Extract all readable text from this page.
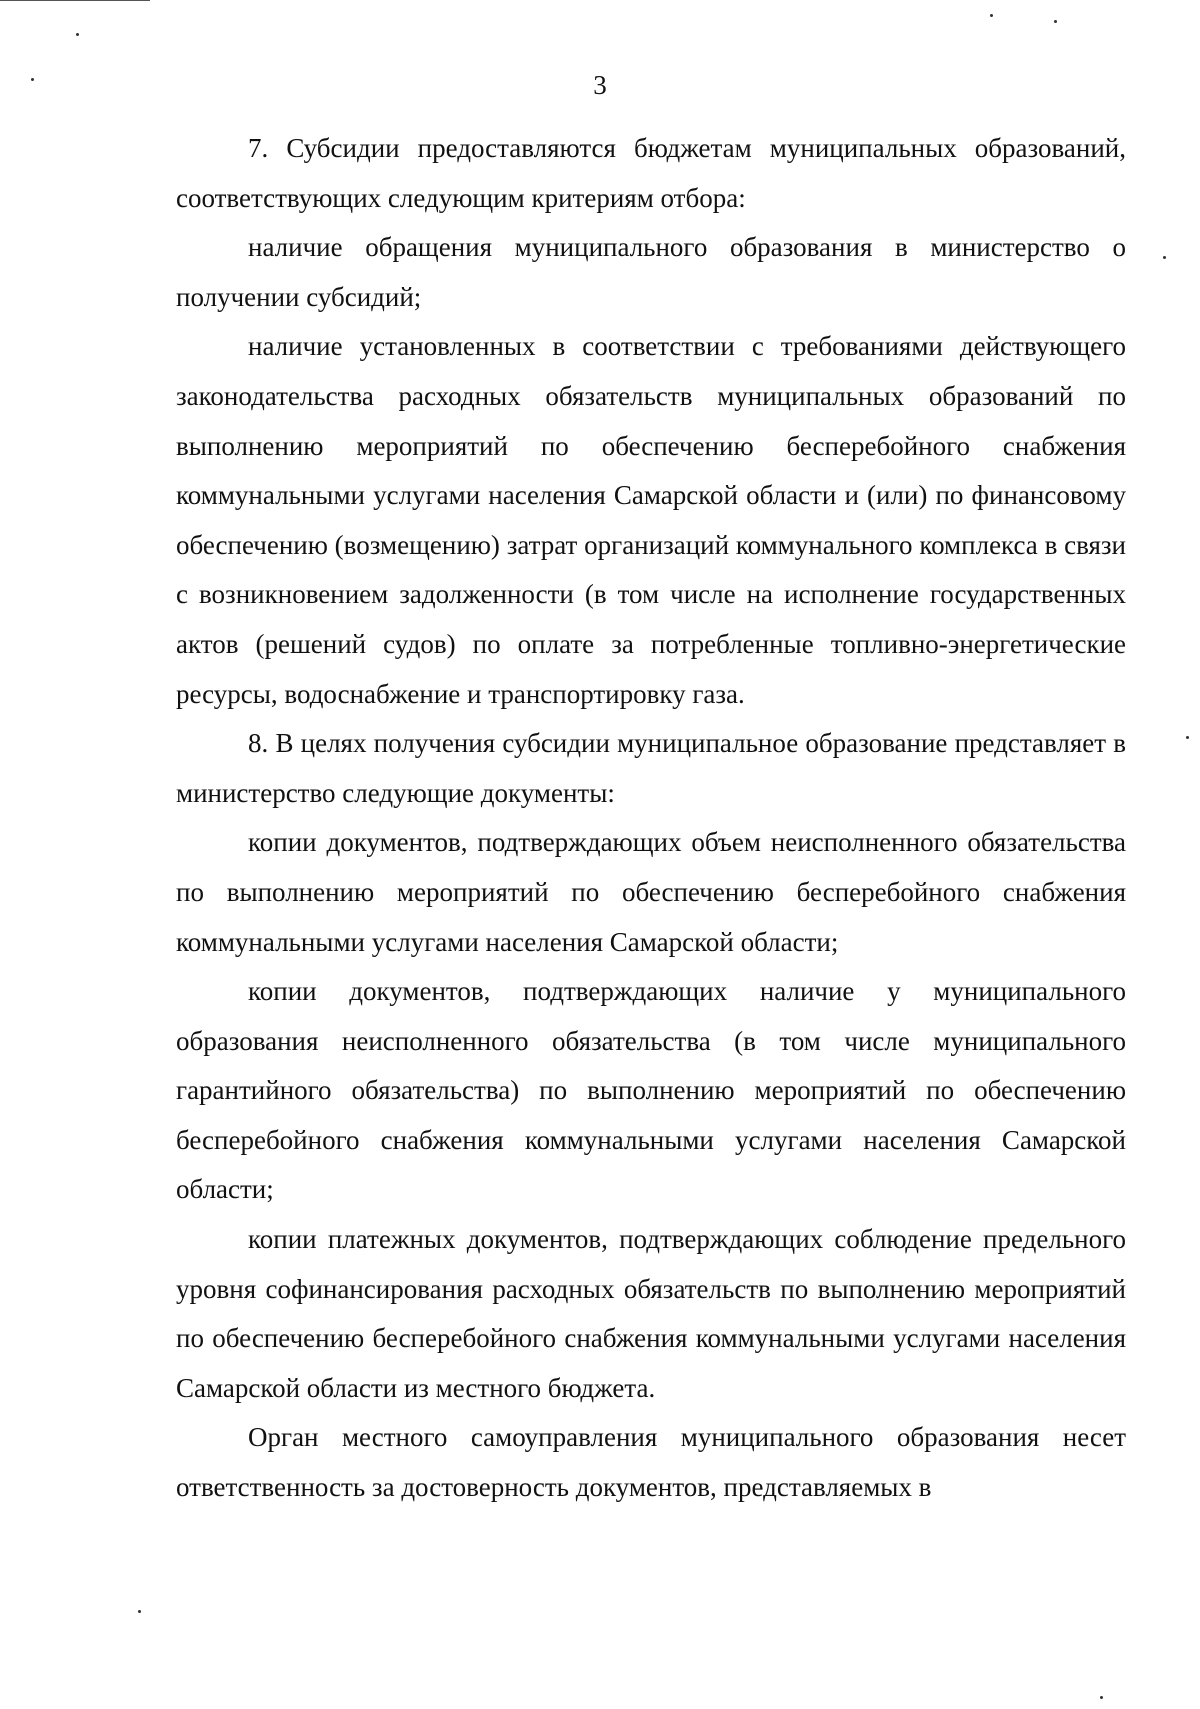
3

7. Субсидии предоставляются бюджетам муниципальных образований, соответствующих следующим критериям отбора:

наличие обращения муниципального образования в министерство о получении субсидий;

наличие установленных в соответствии с требованиями действующего законодательства расходных обязательств муниципальных образований по выполнению мероприятий по обеспечению бесперебойного снабжения коммунальными услугами населения Самарской области и (или) по финансовому обеспечению (возмещению) затрат организаций коммунального комплекса в связи с возникновением задолженности (в том числе на исполнение государственных актов (решений судов) по оплате за потребленные топливно-энергетические ресурсы, водоснабжение и транспортировку газа.

8. В целях получения субсидии муниципальное образование представляет в министерство следующие документы:

копии документов, подтверждающих объем неисполненного обязательства по выполнению мероприятий по обеспечению бесперебойного снабжения коммунальными услугами населения Самарской области;

копии документов, подтверждающих наличие у муниципального образования неисполненного обязательства (в том числе муниципального гарантийного обязательства) по выполнению мероприятий по обеспечению бесперебойного снабжения коммунальными услугами населения Самарской области;

копии платежных документов, подтверждающих соблюдение предельного уровня софинансирования расходных обязательств по выполнению мероприятий по обеспечению бесперебойного снабжения коммунальными услугами населения Самарской области из местного бюджета.

Орган местного самоуправления муниципального образования несет ответственность за достоверность документов, представляемых в
